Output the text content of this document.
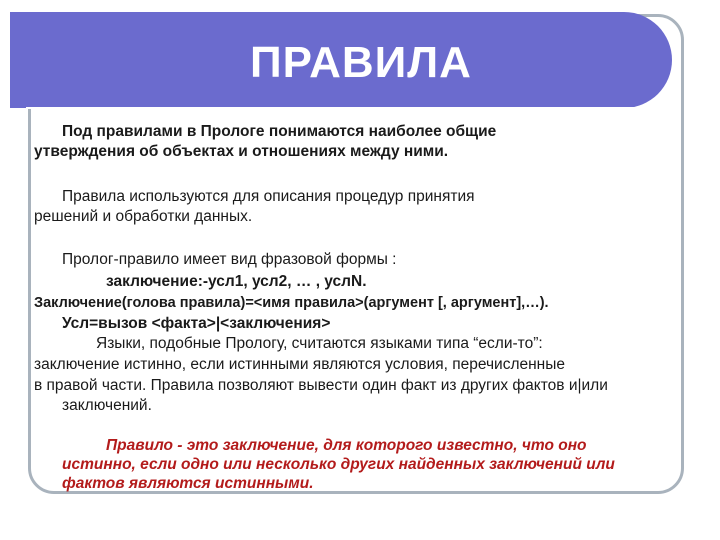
ПРАВИЛА

Под правилами в Прологе понимаются наиболее общие

утверждения об объектах и отношениях между ними.

Правила используются для описания процедур принятия

решений и обработки данных.

Пролог-правило имеет вид фразовой формы :

заключение:-усл1, усл2, … , услN.

Заключение(голова правила)=<имя правила>(аргумент [, аргумент],…).

Усл=вызов <факта>|<заключения>

Языки, подобные Прологу, считаются языками типа “если-то”:

заключение истинно, если истинными являются условия, перечисленные

в правой части. Правила позволяют вывести один факт из других фактов и|или

заключений.

Правило - это заключение, для которого известно, что оно

истинно, если одно или несколько других найденных заключений или

фактов являются истинными.
